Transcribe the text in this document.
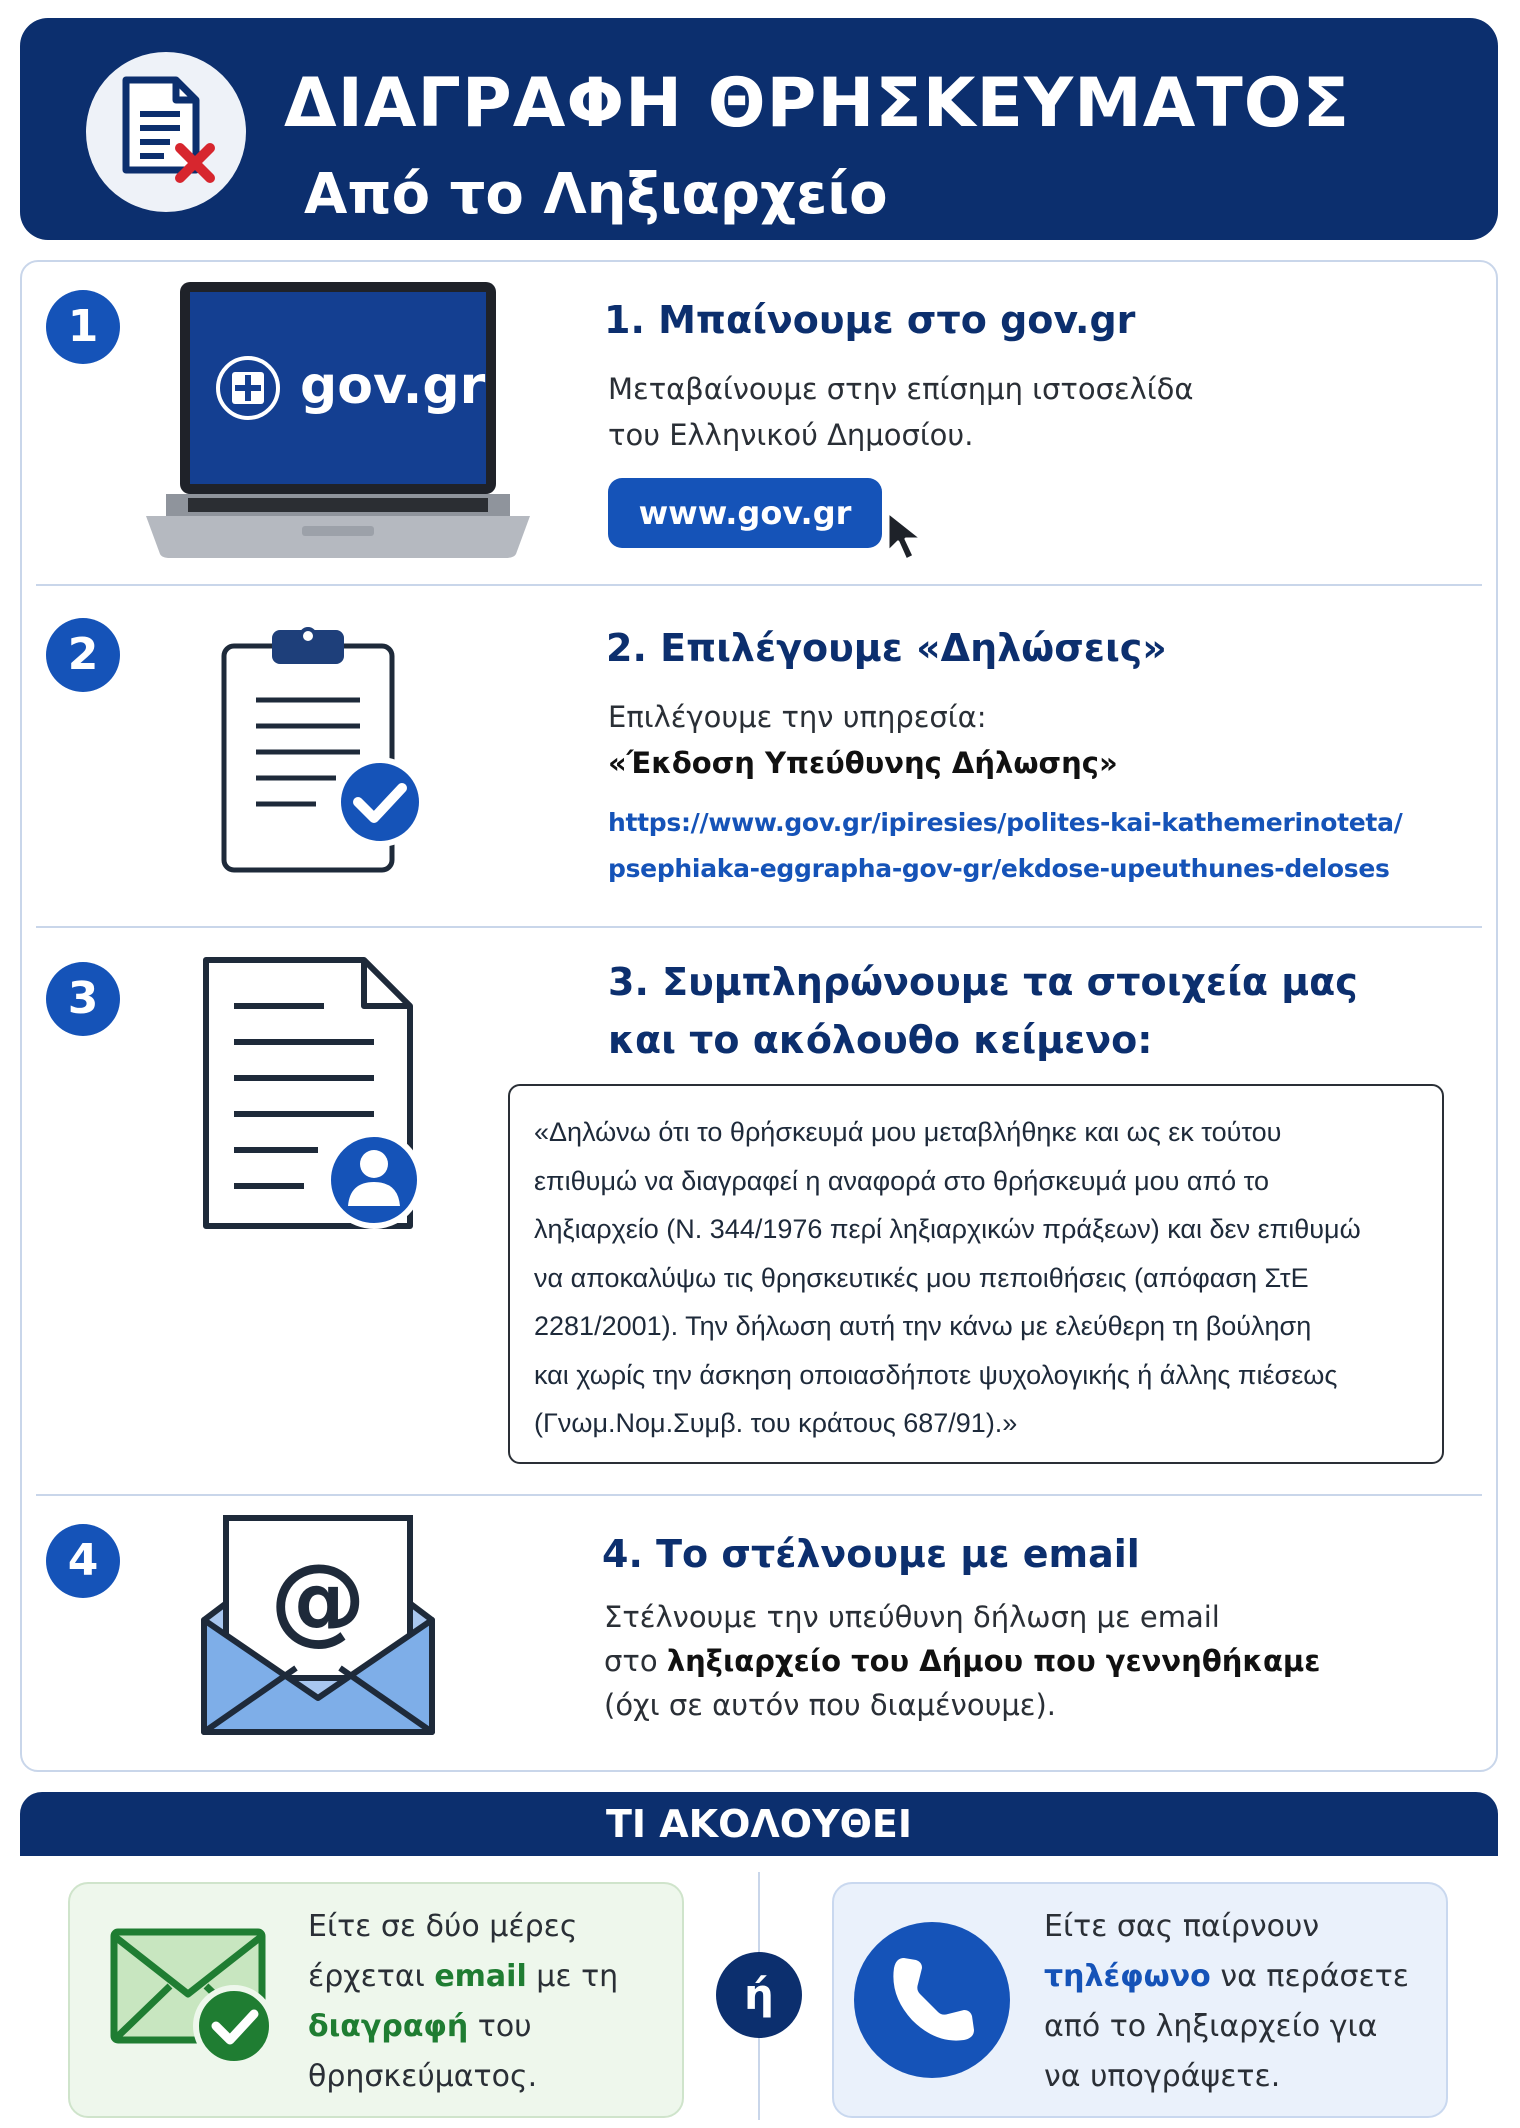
ΔΙΑΓΡΑΦΗ ΘΡΗΣΚΕΥΜΑΤΟΣ
Από το Ληξιαρχείο
1
gov.gr
1. Μπαίνουμε στο gov.gr
Μεταβαίνουμε στην επίσημη ιστοσελίδα
του Ελληνικού Δημοσίου.
www.gov.gr
2	2. Επιλέγουμε «Δηλώσεις»
Επιλέγουμε την υπηρεσία:
«Έκδοση Υπεύθυνης Δήλωσης»
https://www.gov.gr/ipiresies/polites-kai-kathemerinoteta/
psephiaka-eggrapha-gov-gr/ekdose-upeuthunes-deloses
3	3. Συμπληρώνουμε τα στοιχεία μας
και το ακόλουθο κείμενο:
«Δηλώνω ότι το θρήσκευμά μου μεταβλήθηκε και ως εκ τούτου
επιθυμώ να διαγραφεί η αναφορά στο θρήσκευμά μου από το
ληξιαρχείο (Ν. 344/1976 περί ληξιαρχικών πράξεων) και δεν επιθυμώ
να αποκαλύψω τις θρησκευτικές μου πεποιθήσεις (απόφαση ΣτΕ
2281/2001). Την δήλωση αυτή την κάνω με ελεύθερη τη βούληση
και χωρίς την άσκηση οποιασδήποτε ψυχολογικής ή άλλης πιέσεως
(Γνωμ.Νομ.Συμβ. του κράτους 687/91).»
4 @	4. Το στέλνουμε με email
Στέλνουμε την υπεύθυνη δήλωση με email
στο ληξιαρχείο του Δήμου που γεννηθήκαμε
(όχι σε αυτόν που διαμένουμε).
ΤΙ ΑΚΟΛΟΥΘΕΙ
Είτε σε δύο μέρες
έρχεται email με τη
διαγραφή του
θρησκεύματος.
ή
Είτε σας παίρνουν
τηλέφωνο να περάσετε
από το ληξιαρχείο για
να υπογράψετε.
